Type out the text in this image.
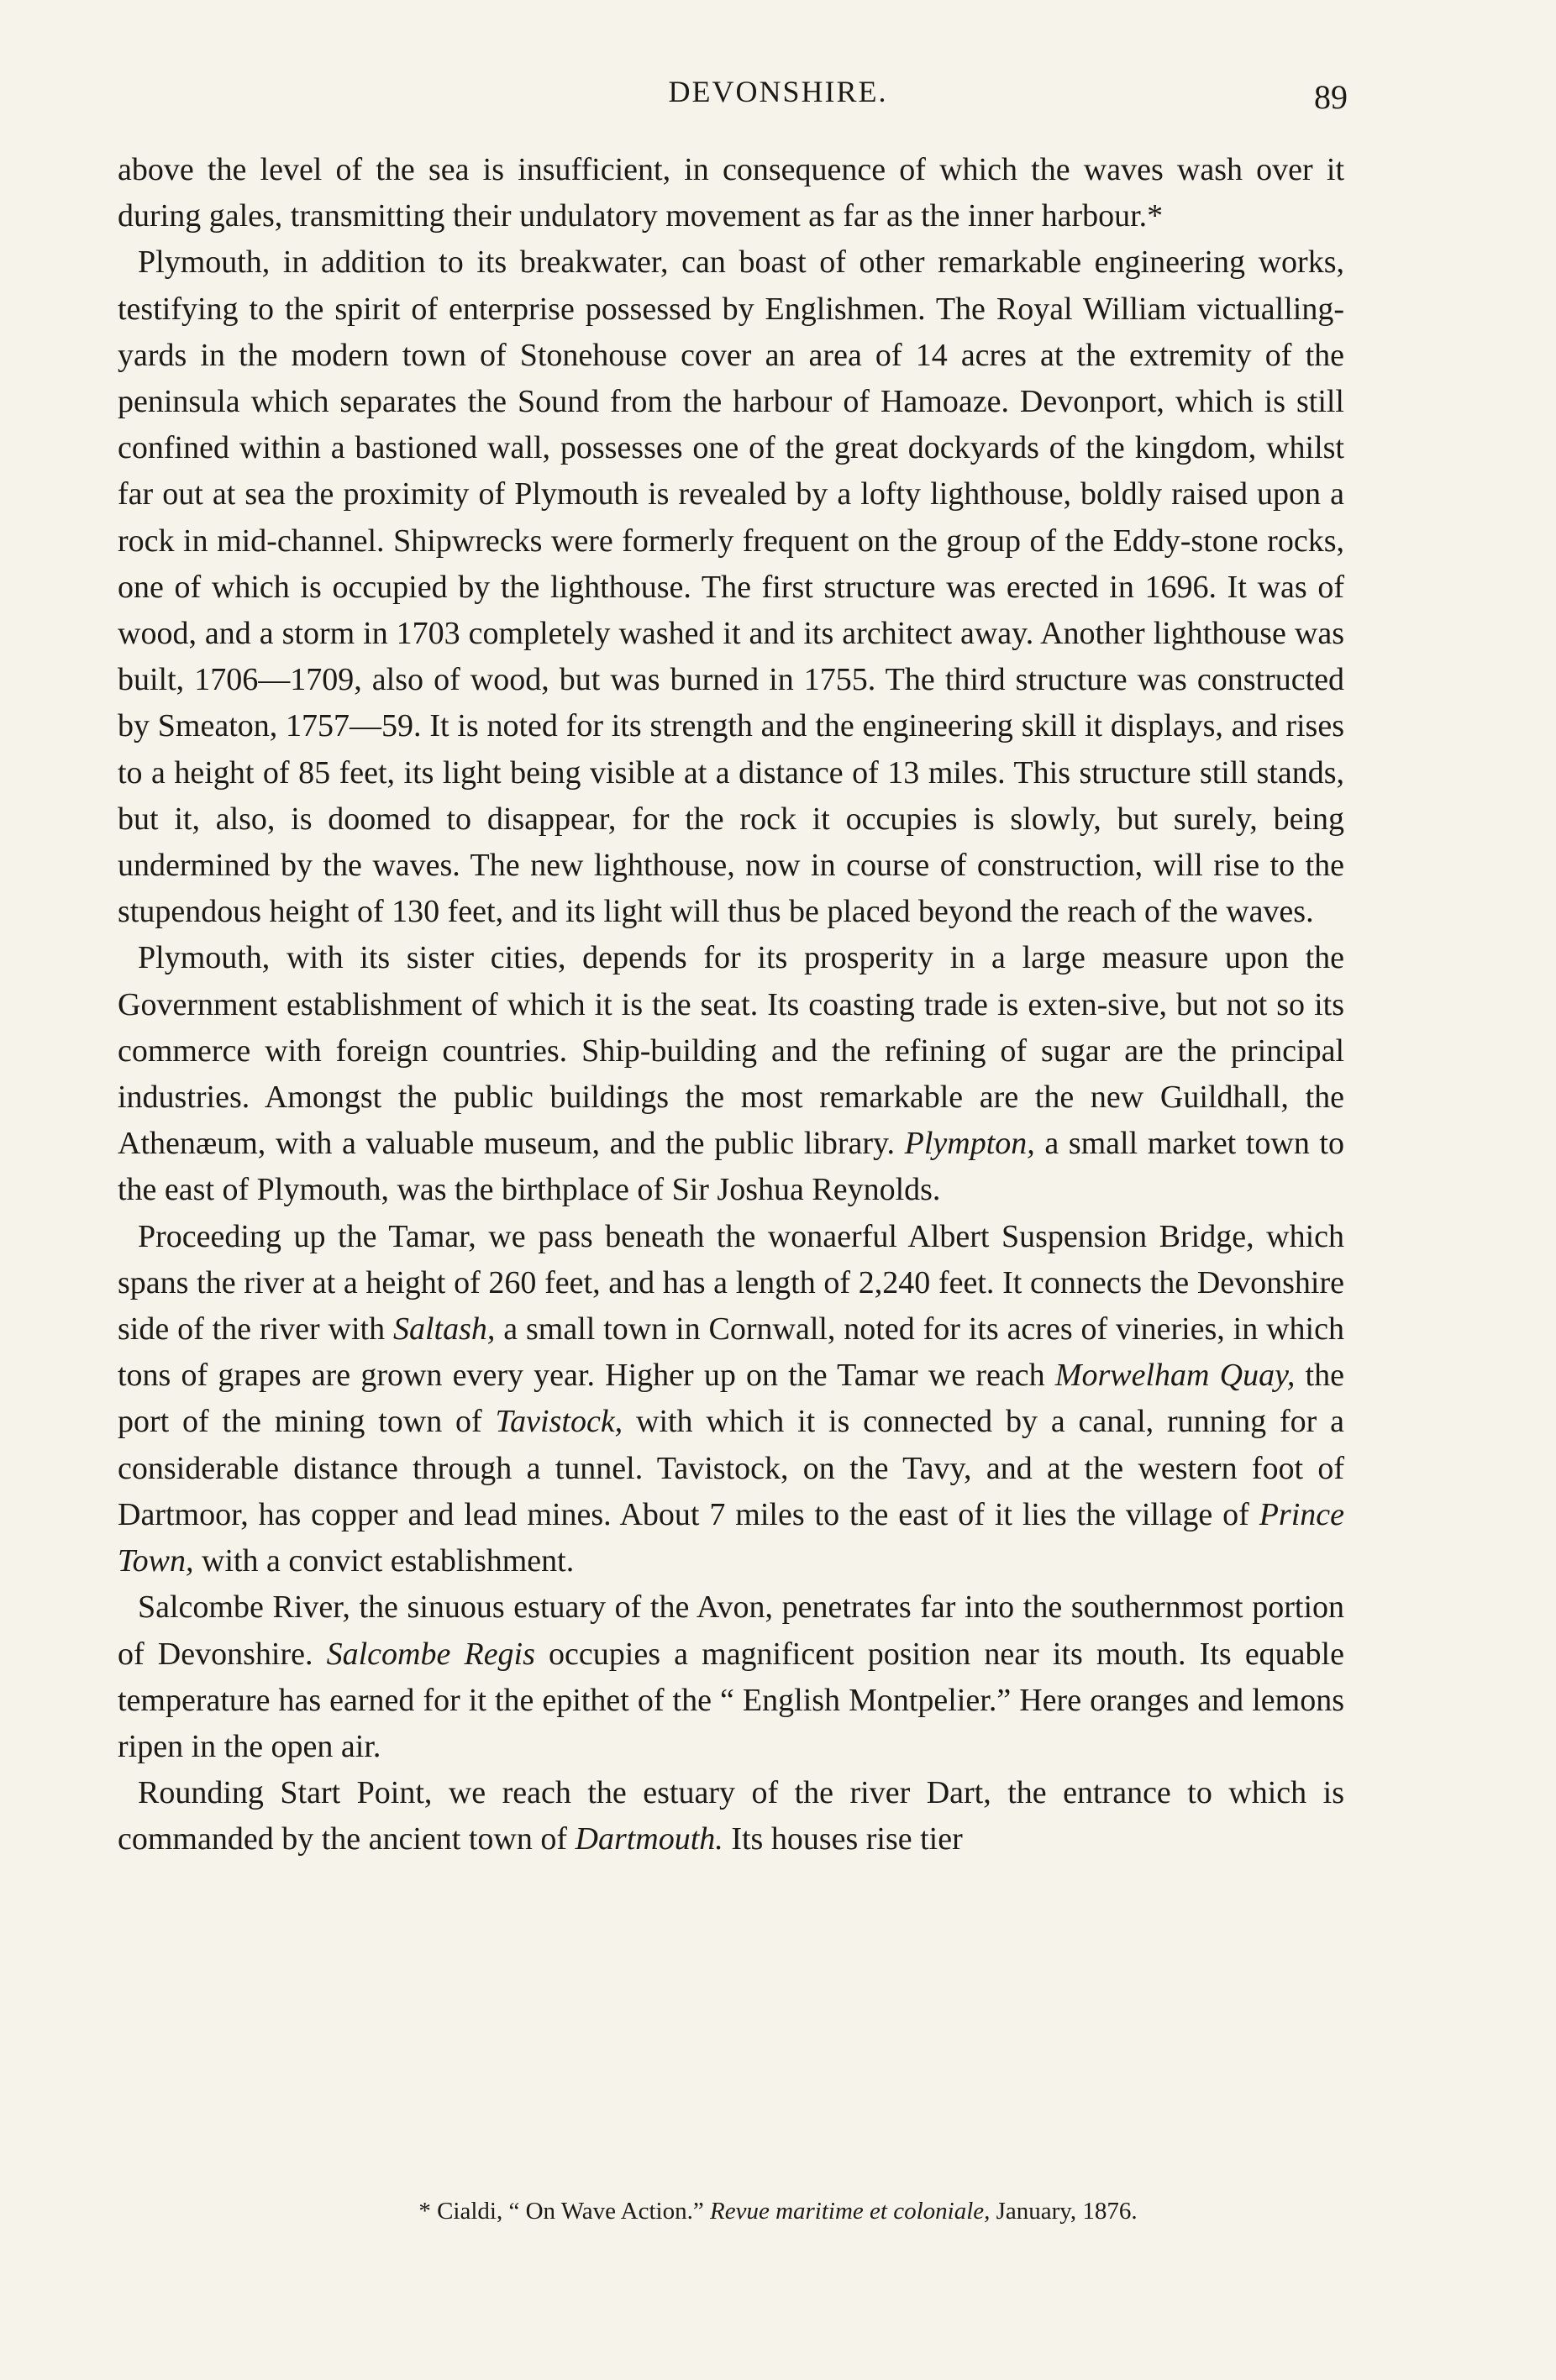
DEVONSHIRE.	89

above the level of the sea is insufficient, in consequence of which the waves wash over it during gales, transmitting their undulatory movement as far as the inner harbour.*

Plymouth, in addition to its breakwater, can boast of other remarkable engineering works, testifying to the spirit of enterprise possessed by Englishmen. The Royal William victualling-yards in the modern town of Stonehouse cover an area of 14 acres at the extremity of the peninsula which separates the Sound from the harbour of Hamoaze. Devonport, which is still confined within a bastioned wall, possesses one of the great dockyards of the kingdom, whilst far out at sea the proximity of Plymouth is revealed by a lofty lighthouse, boldly raised upon a rock in mid-channel. Shipwrecks were formerly frequent on the group of the Eddy-stone rocks, one of which is occupied by the lighthouse. The first structure was erected in 1696. It was of wood, and a storm in 1703 completely washed it and its architect away. Another lighthouse was built, 1706—1709, also of wood, but was burned in 1755. The third structure was constructed by Smeaton, 1757—59. It is noted for its strength and the engineering skill it displays, and rises to a height of 85 feet, its light being visible at a distance of 13 miles. This structure still stands, but it, also, is doomed to disappear, for the rock it occupies is slowly, but surely, being undermined by the waves. The new lighthouse, now in course of construction, will rise to the stupendous height of 130 feet, and its light will thus be placed beyond the reach of the waves.

Plymouth, with its sister cities, depends for its prosperity in a large measure upon the Government establishment of which it is the seat. Its coasting trade is exten-sive, but not so its commerce with foreign countries. Ship-building and the refining of sugar are the principal industries. Amongst the public buildings the most remarkable are the new Guildhall, the Athenæum, with a valuable museum, and the public library. Plympton, a small market town to the east of Plymouth, was the birthplace of Sir Joshua Reynolds.

Proceeding up the Tamar, we pass beneath the wonaerful Albert Suspension Bridge, which spans the river at a height of 260 feet, and has a length of 2,240 feet. It connects the Devonshire side of the river with Saltash, a small town in Cornwall, noted for its acres of vineries, in which tons of grapes are grown every year. Higher up on the Tamar we reach Morwelham Quay, the port of the mining town of Tavistock, with which it is connected by a canal, running for a considerable distance through a tunnel. Tavistock, on the Tavy, and at the western foot of Dartmoor, has copper and lead mines. About 7 miles to the east of it lies the village of Prince Town, with a convict establishment.

Salcombe River, the sinuous estuary of the Avon, penetrates far into the southernmost portion of Devonshire. Salcombe Regis occupies a magnificent position near its mouth. Its equable temperature has earned for it the epithet of the “ English Montpelier.” Here oranges and lemons ripen in the open air.

Rounding Start Point, we reach the estuary of the river Dart, the entrance to which is commanded by the ancient town of Dartmouth. Its houses rise tier

* Cialdi, “ On Wave Action.” Revue maritime et coloniale, January, 1876.
